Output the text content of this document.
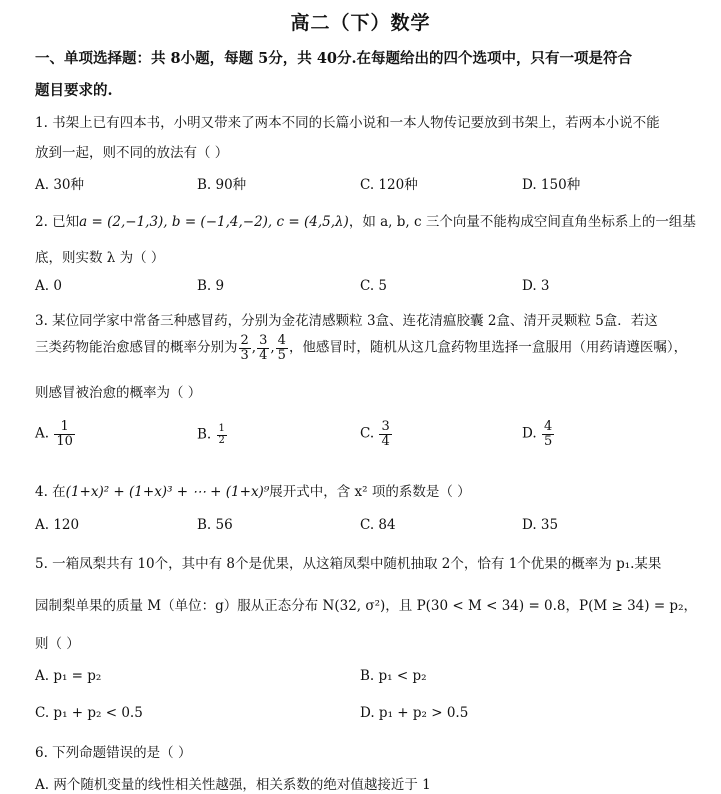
高二（下）数学
一、单项选择题：共 8小题，每题 5分，共 40分.在每题给出的四个选项中，只有一项是符合
题目要求的.
1. 书架上已有四本书，小明又带来了两本不同的长篇小说和一本人物传记要放到书架上，若两本小说不能
放到一起，则不同的放法有（ ）
A. 30种	B. 90种	C. 120种	D. 150种
2. 已知a = (2,−1,3), b = (−1,4,−2), c = (4,5,λ)，如 a, b, c 三个向量不能构成空间直角坐标系上的一组基
底，则实数 λ 为（ ）
A. 0	B. 9	C. 5	D. 3
3. 某位同学家中常备三种感冒药，分别为金花清感颗粒 3盒、连花清瘟胶囊 2盒、清开灵颗粒 5盒．若这
三类药物能治愈感冒的概率分别为 $\frac{2}{3}$ , $\frac{3}{4}$ , $\frac{4}{5}$ ，他感冒时，随机从这几盒药物里选择一盒服用（用药请遵医嘱），
则感冒被治愈的概率为（ ）
A. $\frac{1}{10}$	B. $\frac{1}{2}$	C. $\frac{3}{4}$	D. $\frac{4}{5}$
4. 在(1+x)² + (1+x)³ + ⋯ + (1+x)⁹展开式中，含 x² 项的系数是（ ）
A. 120	B. 56	C. 84	D. 35
5. 一箱凤梨共有 10个，其中有 8个是优果，从这箱凤梨中随机抽取 2个，恰有 1个优果的概率为 p₁.某果
园制梨单果的质量 M（单位：g）服从正态分布 N(32, σ²)，且 P(30 < M < 34) = 0.8，P(M ≥ 34) = p₂，
则（ ）
A. p₁ = p₂	B. p₁ < p₂
C. p₁ + p₂ < 0.5	D. p₁ + p₂ > 0.5
6. 下列命题错误的是（ ）
A. 两个随机变量的线性相关性越强，相关系数的绝对值越接近于 1
